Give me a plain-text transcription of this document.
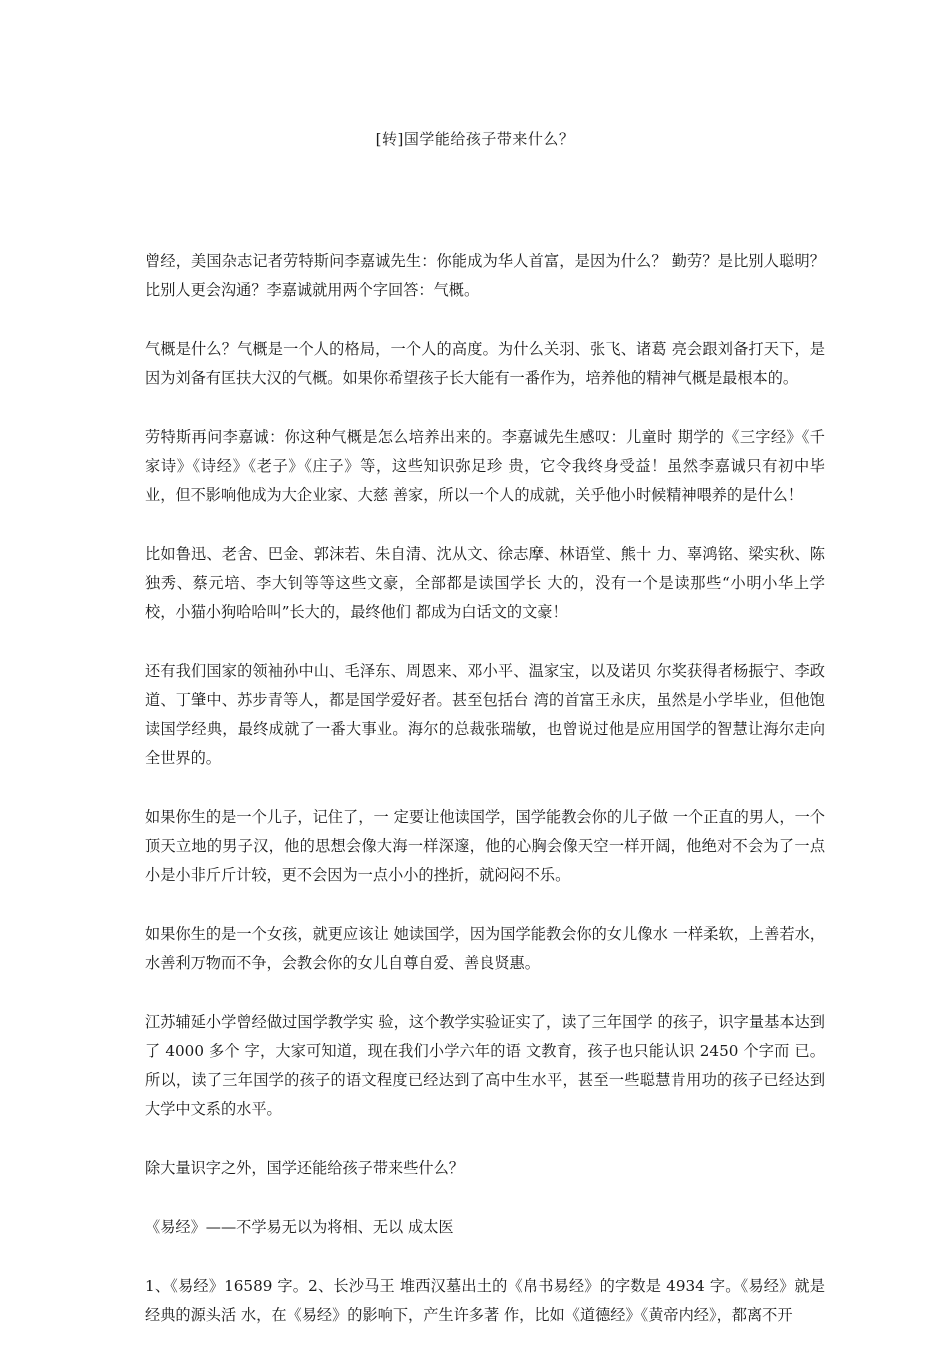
[转]国学能给孩子带来什么？

曾经，美国杂志记者劳特斯问李嘉诚先生：你能成为华人首富，是因为什么？ 勤劳？是比别人聪明？比别人更会沟通？李嘉诚就用两个字回答：气概。

气概是什么？气概是一个人的格局，一个人的高度。为什么关羽、张飞、诸葛 亮会跟刘备打天下，是因为刘备有匡扶大汉的气概。如果你希望孩子长大能有一番作为，培养他的精神气概是最根本的。

劳特斯再问李嘉诚：你这种气概是怎么培养出来的。李嘉诚先生感叹：儿童时 期学的《三字经》《千家诗》《诗经》《老子》《庄子》等，这些知识弥足珍 贵，它令我终身受益！虽然李嘉诚只有初中毕业，但不影响他成为大企业家、大慈 善家，所以一个人的成就，关乎他小时候精神喂养的是什么！

比如鲁迅、老舍、巴金、郭沫若、朱自清、沈从文、徐志摩、林语堂、熊十 力、辜鸿铭、梁实秋、陈独秀、蔡元培、李大钊等等这些文豪，全部都是读国学长 大的，没有一个是读那些“小明小华上学 校，小猫小狗哈哈叫”长大的，最终他们 都成为白话文的文豪！

还有我们国家的领袖孙中山、毛泽东、周恩来、邓小平、温家宝，以及诺贝 尔奖获得者杨振宁、李政道、丁肇中、苏步青等人，都是国学爱好者。甚至包括台 湾的首富王永庆，虽然是小学毕业，但他饱读国学经典，最终成就了一番大事业。海尔的总裁张瑞敏，也曾说过他是应用国学的智慧让海尔走向全世界的。

如果你生的是一个儿子，记住了，一 定要让他读国学，国学能教会你的儿子做 一个正直的男人，一个顶天立地的男子汉，他的思想会像大海一样深邃，他的心胸会像天空一样开阔，他绝对不会为了一点小是小非斤斤计较，更不会因为一点小小的挫折，就闷闷不乐。

如果你生的是一个女孩，就更应该让 她读国学，因为国学能教会你的女儿像水 一样柔软，上善若水，水善利万物而不争，会教会你的女儿自尊自爱、善良贤惠。

江苏辅延小学曾经做过国学教学实 验，这个教学实验证实了，读了三年国学 的孩子，识字量基本达到了 4000 多个 字，大家可知道，现在我们小学六年的语 文教育，孩子也只能认识 2450 个字而 已。所以，读了三年国学的孩子的语文程度已经达到了高中生水平，甚至一些聪慧肯用功的孩子已经达到大学中文系的水平。

除大量识字之外，国学还能给孩子带来些什么？

《易经》——不学易无以为将相、无以 成太医

1、《易经》16589 字。2、长沙马王 堆西汉墓出土的《帛书易经》的字数是 4934 字。《易经》就是经典的源头活 水，在《易经》的影响下，产生许多著 作，比如《道德经》《黄帝内经》，都离不开
